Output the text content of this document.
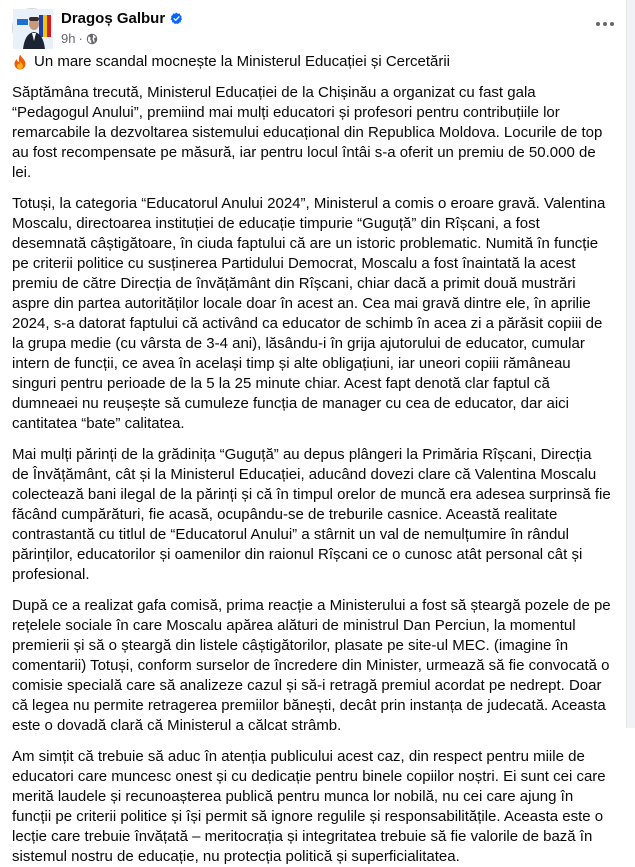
Dragoș Galbur
9h ·
Un mare scandal mocnește la Ministerul Educației și Cercetării

Săptămâna trecută, Ministerul Educației de la Chișinău a organizat cu fast gala “Pedagogul Anului”, premiind mai mulți educatori și profesori pentru contribuțiile lor remarcabile la dezvoltarea sistemului educațional din Republica Moldova. Locurile de top au fost recompensate pe măsură, iar pentru locul întâi s-a oferit un premiu de 50.000 de lei.

Totuși, la categoria “Educatorul Anului 2024”, Ministerul a comis o eroare gravă. Valentina Moscalu, directoarea instituției de educație timpurie “Guguță” din Rîșcani, a fost desemnată câștigătoare, în ciuda faptului că are un istoric problematic. Numită în funcție pe criterii politice cu susținerea Partidului Democrat, Moscalu a fost înaintată la acest premiu de către Direcția de învățământ din Rîșcani, chiar dacă a primit două mustrări aspre din partea autorităților locale doar în acest an. Cea mai gravă dintre ele, în aprilie 2024, s-a datorat faptului că activând ca educator de schimb în acea zi a părăsit copiii de la grupa medie (cu vârsta de 3-4 ani), lăsându-i în grija ajutorului de educator, cumular intern de funcții, ce avea în același timp și alte obligațiuni, iar uneori copiii rămâneau singuri pentru perioade de la 5 la 25 minute chiar. Acest fapt denotă clar faptul că dumneaei nu reușește să cumuleze funcția de manager cu cea de educator, dar aici cantitatea “bate” calitatea.

Mai mulți părinți de la grădinița “Guguță” au depus plângeri la Primăria Rîșcani, Direcția de Învățământ, cât și la Ministerul Educației, aducând dovezi clare că Valentina Moscalu colectează bani ilegal de la părinți și că în timpul orelor de muncă era adesea surprinsă fie făcând cumpărături, fie acasă, ocupându-se de treburile casnice. Această realitate contrastantă cu titlul de “Educatorul Anului” a stârnit un val de nemulțumire în rândul părinților, educatorilor și oamenilor din raionul Rîșcani ce o cunosc atât personal cât și profesional.

După ce a realizat gafa comisă, prima reacție a Ministerului a fost să șteargă pozele de pe rețelele sociale în care Moscalu apărea alături de ministrul Dan Perciun, la momentul premierii și să o șteargă din listele câștigătorilor, plasate pe site-ul MEC. (imagine în comentarii) Totuși, conform surselor de încredere din Minister, urmează să fie convocată o comisie specială care să analizeze cazul și să-i retragă premiul acordat pe nedrept. Doar că legea nu permite retragerea premiilor bănești, decât prin instanța de judecată. Aceasta este o dovadă clară că Ministerul a călcat strâmb.

Am simțit că trebuie să aduc în atenția publicului acest caz, din respect pentru miile de educatori care muncesc onest și cu dedicație pentru binele copiilor noștri. Ei sunt cei care merită laudele și recunoașterea publică pentru munca lor nobilă, nu cei care ajung în funcții pe criterii politice și își permit să ignore regulile și responsabilitățile. Aceasta este o lecție care trebuie învățată – meritocrația și integritatea trebuie să fie valorile de bază în sistemul nostru de educație, nu protecția politică și superficialitatea.
